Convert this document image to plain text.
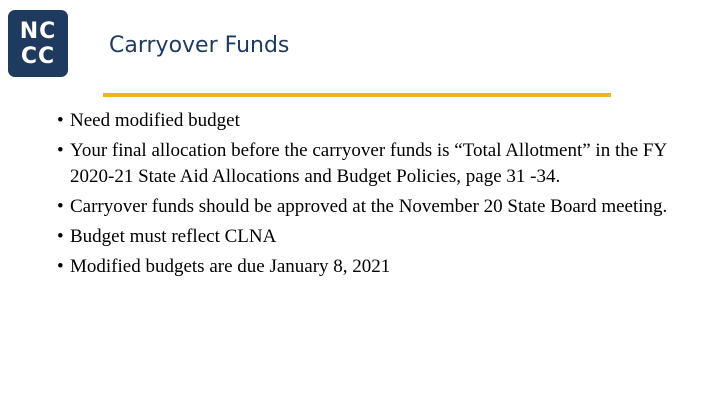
NC
CC Carryover Funds
• Need modified budget
• Your final allocation before the carryover funds is “Total Allotment” in the FY 2020-21 State Aid Allocations and Budget Policies, page 31 -34.
• Carryover funds should be approved at the November 20 State Board meeting.
• Budget must reflect CLNA
• Modified budgets are due January 8, 2021
